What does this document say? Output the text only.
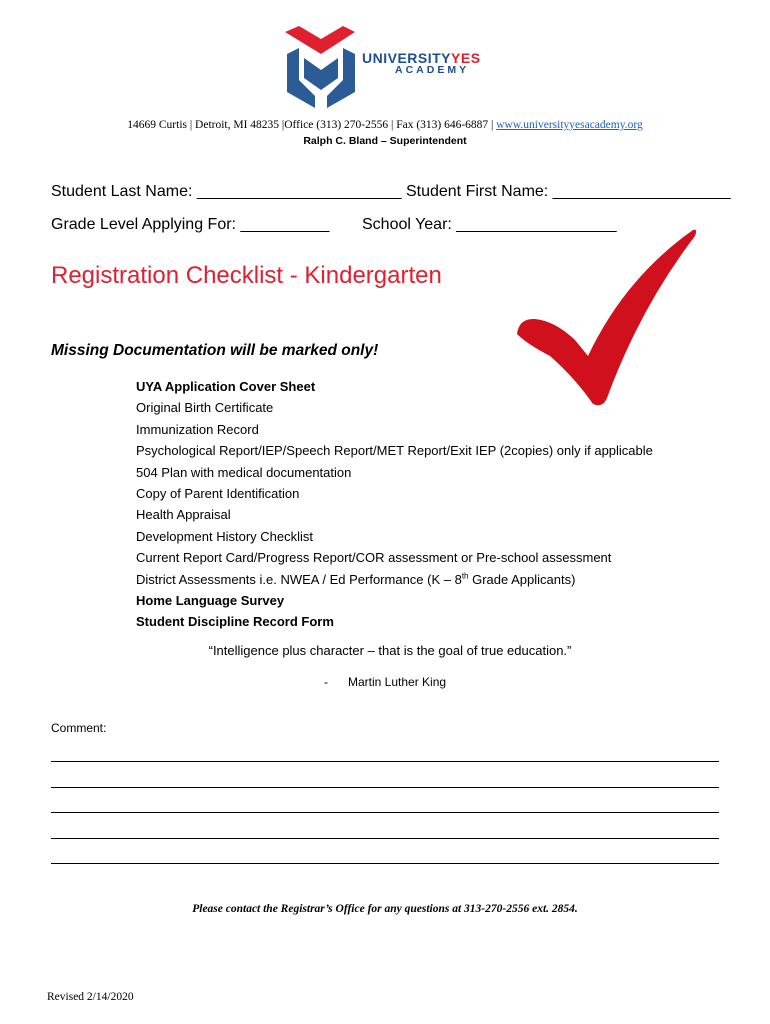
UNIVERSITYYES
ACADEMY
14669 Curtis | Detroit, MI 48235 |Office (313) 270-2556 | Fax (313) 646-6887 | www.universityyesacademy.org
Ralph C. Bland – Superintendent
Student Last Name: _______________________ Student First Name: ____________________
Grade Level Applying For: __________ School Year: __________________
Registration Checklist - Kindergarten
Missing Documentation will be marked only!
UYA Application Cover Sheet
Original Birth Certificate
Immunization Record
Psychological Report/IEP/Speech Report/MET Report/Exit IEP (2copies) only if applicable
504 Plan with medical documentation
Copy of Parent Identification
Health Appraisal
Development History Checklist
Current Report Card/Progress Report/COR assessment or Pre-school assessment
District Assessments i.e. NWEA / Ed Performance (K – 8th Grade Applicants)
Home Language Survey
Student Discipline Record Form
“Intelligence plus character – that is the goal of true education.”
- Martin Luther King
Comment:
Please contact the Registrar’s Office for any questions at 313-270-2556 ext. 2854.
Revised 2/14/2020
